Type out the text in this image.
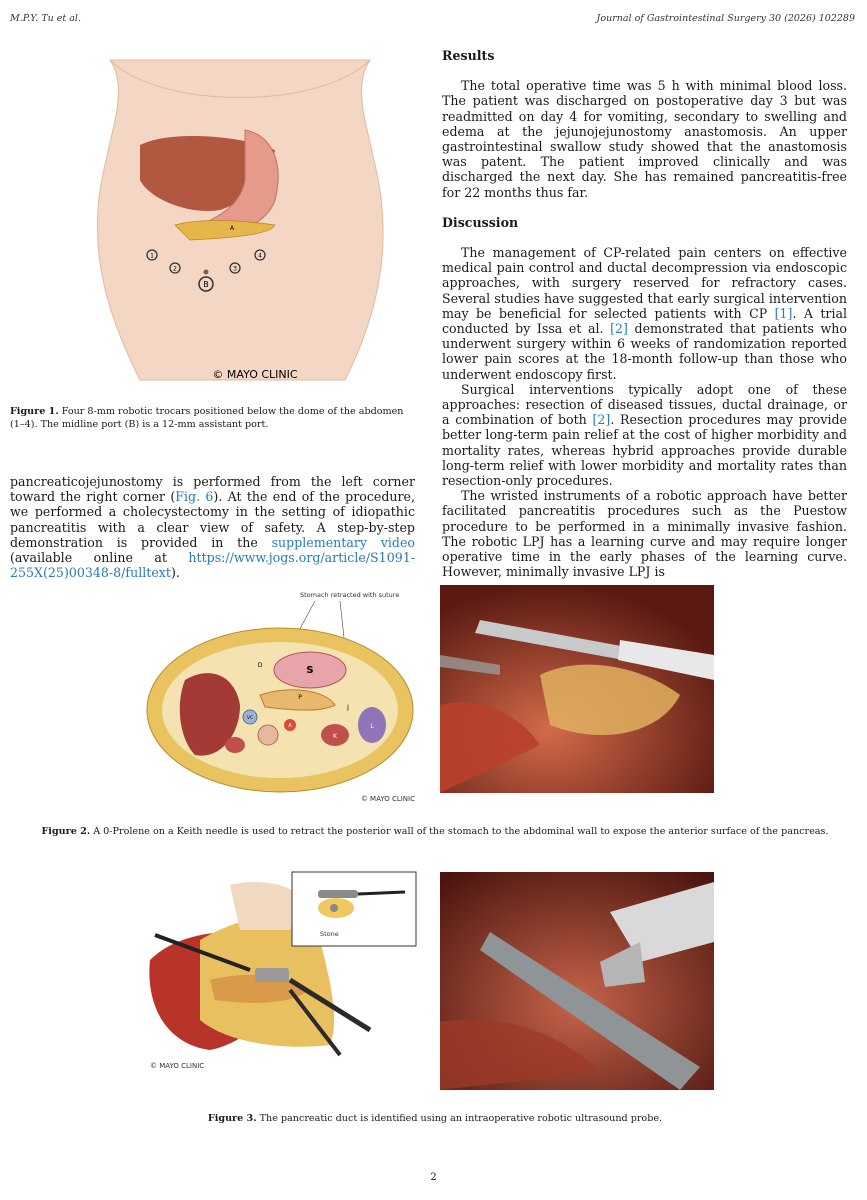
M.P.Y. Tu et al.	Journal of Gastrointestinal Surgery 30 (2026) 102289
1
2	3
4
B
A
© MAYO CLINIC
Figure 1. Four 8-mm robotic trocars positioned below the dome of the abdomen (1–4). The midline port (B) is a 12-mm assistant port.

pancreaticojejunostomy is performed from the left corner toward the right corner (Fig. 6). At the end of the procedure, we performed a cholecystectomy in the setting of idiopathic pancreatitis with a clear view of safety. A step-by-step demonstration is provided in the supplementary video (available online at https://www.jogs.org/article/S1091-255X(25)00348-8/fulltext).

Results

The total operative time was 5 h with minimal blood loss. The patient was discharged on postoperative day 3 but was readmitted on day 4 for vomiting, secondary to swelling and edema at the jejunojejunostomy anastomosis. An upper gastrointestinal swallow study showed that the anastomosis was patent. The patient improved clinically and was discharged the next day. She has remained pancreatitis-free for 22 months thus far.

Discussion

The management of CP-related pain centers on effective medical pain control and ductal decompression via endoscopic approaches, with surgery reserved for refractory cases. Several studies have suggested that early surgical intervention may be beneficial for selected patients with CP [1]. A trial conducted by Issa et al. [2] demonstrated that patients who underwent surgery within 6 weeks of randomization reported lower pain scores at the 18-month follow-up than those who underwent endoscopy first.

Surgical interventions typically adopt one of these approaches: resection of diseased tissues, ductal drainage, or a combination of both [2]. Resection procedures may provide better long-term pain relief at the cost of higher morbidity and mortality rates, whereas hybrid approaches provide durable long-term relief with lower morbidity and mortality rates than resection-only procedures.

The wristed instruments of a robotic approach have better facilitated pancreatitis procedures such as the Puestow procedure to be performed in a minimally invasive fashion. The robotic LPJ has a learning curve and may require longer operative time in the early phases of the learning curve. However, minimally invasive LPJ is

Stomach retracted with suture
S
D
P
A
VC
J
K
L
© MAYO CLINIC
Figure 2. A 0-Prolene on a Keith needle is used to retract the posterior wall of the stomach to the abdominal wall to expose the anterior surface of the pancreas.
Stone
© MAYO CLINIC
Figure 3. The pancreatic duct is identified using an intraoperative robotic ultrasound probe.
2
